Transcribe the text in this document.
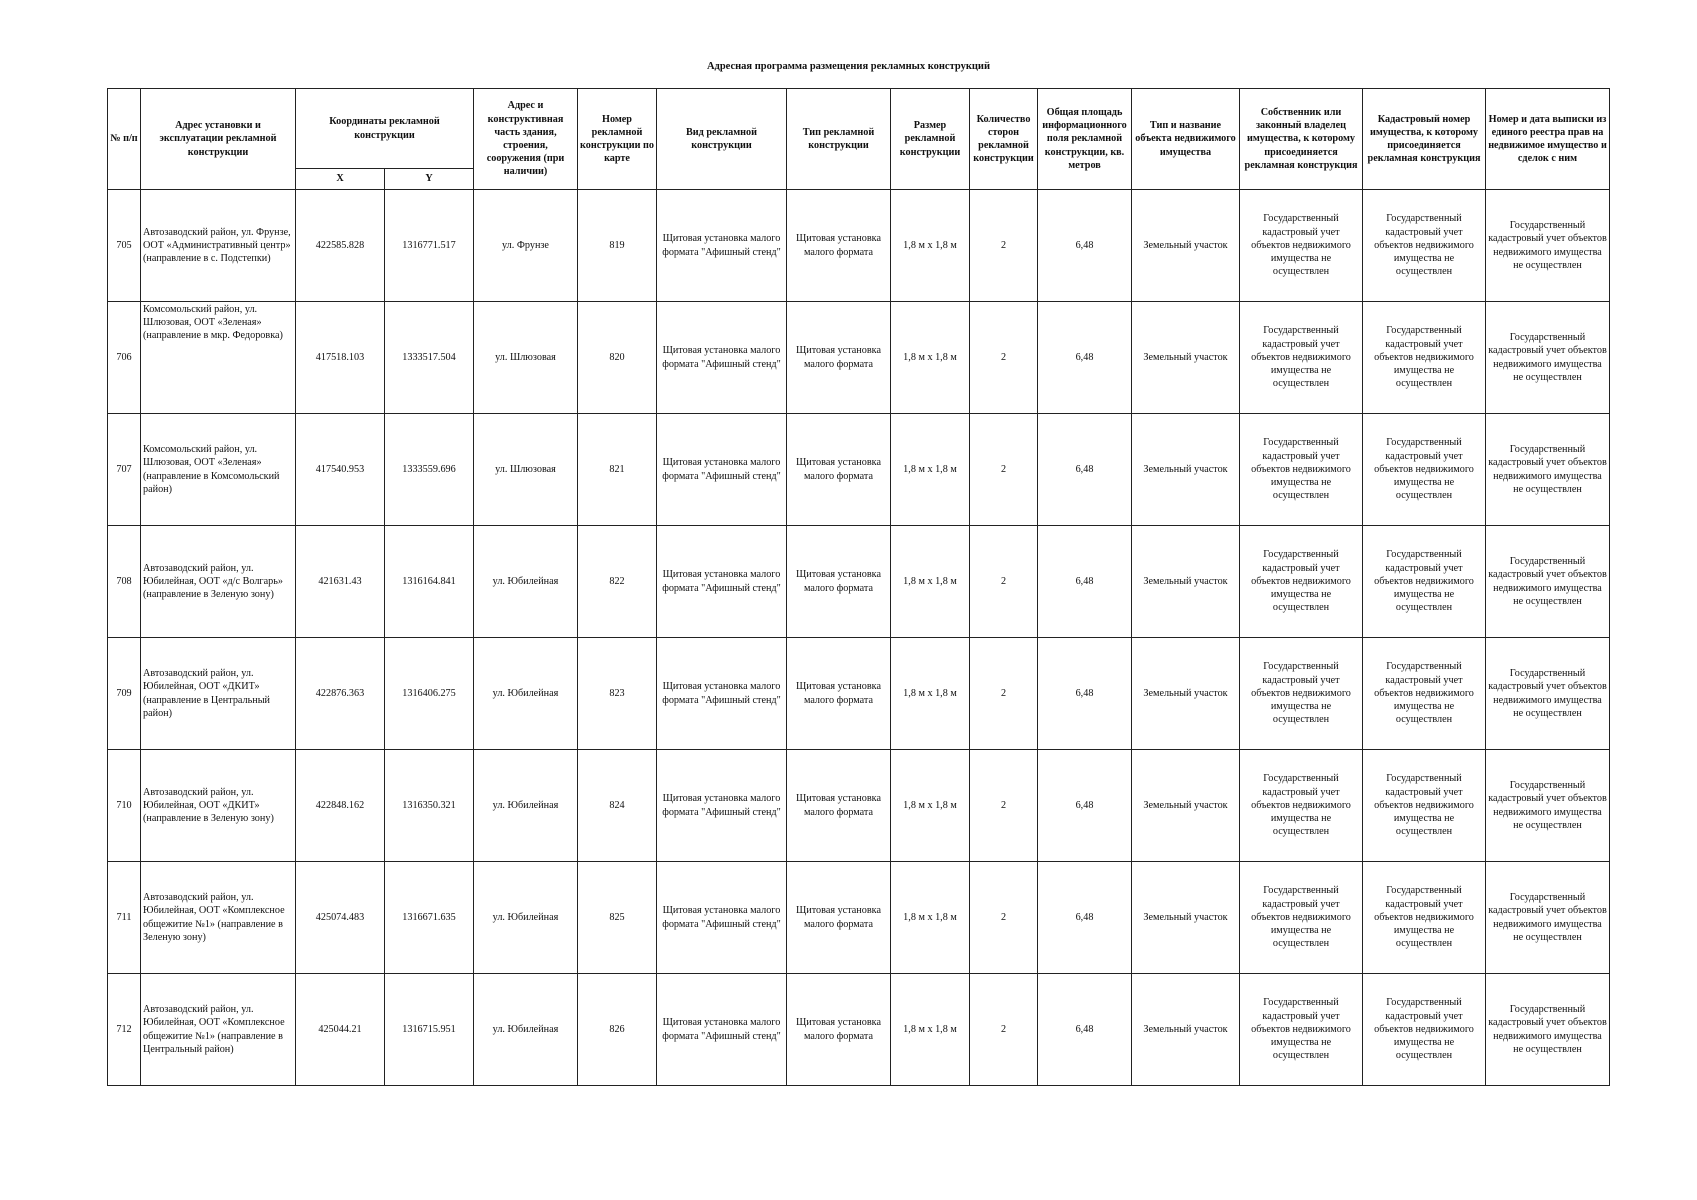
Адресная программа размещения рекламных конструкций
№ п/п	Адрес установки и эксплуатации рекламной конструкции	Координаты рекламной конструкции		Адрес и конструктивная часть здания, строения, сооружения (при наличии)	Номер рекламной конструкции по карте	Вид рекламной конструкции	Тип рекламной конструкции	Размер рекламной конструкции	Количество сторон рекламной конструкции	Общая площадь информационного поля рекламной конструкции, кв. метров	Тип и название объекта недвижимого имущества	Собственник или законный владелец имущества, к которому присоединяется рекламная конструкция	Кадастровый номер имущества, к которому присоединяется рекламная конструкция	Номер и дата выписки из единого реестра прав на недвижимое имущество и сделок с ним
		X	Y											
705	Автозаводский район, ул. Фрунзе, ООТ «Административный центр» (направление в с. Подстепки)	422585.828	1316771.517	ул. Фрунзе	819	Щитовая установка малого формата "Афишный стенд"	Щитовая установка малого формата	1,8 м х 1,8 м	2	6,48	Земельный участок	Государственный кадастровый учет объектов недвижимого имущества не осуществлен	Государственный кадастровый учет объектов недвижимого имущества не осуществлен	Государственный кадастровый учет объектов недвижимого имущества не осуществлен
706	Комсомольский район, ул. Шлюзовая, ООТ «Зеленая» (направление в мкр. Федоровка)	417518.103	1333517.504	ул. Шлюзовая	820	Щитовая установка малого формата "Афишный стенд"	Щитовая установка малого формата	1,8 м х 1,8 м	2	6,48	Земельный участок	Государственный кадастровый учет объектов недвижимого имущества не осуществлен	Государственный кадастровый учет объектов недвижимого имущества не осуществлен	Государственный кадастровый учет объектов недвижимого имущества не осуществлен
707	Комсомольский район, ул. Шлюзовая, ООТ «Зеленая» (направление в Комсомольский район)	417540.953	1333559.696	ул. Шлюзовая	821	Щитовая установка малого формата "Афишный стенд"	Щитовая установка малого формата	1,8 м х 1,8 м	2	6,48	Земельный участок	Государственный кадастровый учет объектов недвижимого имущества не осуществлен	Государственный кадастровый учет объектов недвижимого имущества не осуществлен	Государственный кадастровый учет объектов недвижимого имущества не осуществлен
708	Автозаводский район, ул. Юбилейная, ООТ «д/с Волгарь» (направление в Зеленую зону)	421631.43	1316164.841	ул. Юбилейная	822	Щитовая установка малого формата "Афишный стенд"	Щитовая установка малого формата	1,8 м х 1,8 м	2	6,48	Земельный участок	Государственный кадастровый учет объектов недвижимого имущества не осуществлен	Государственный кадастровый учет объектов недвижимого имущества не осуществлен	Государственный кадастровый учет объектов недвижимого имущества не осуществлен
709	Автозаводский район, ул. Юбилейная, ООТ «ДКИТ» (направление в Центральный район)	422876.363	1316406.275	ул. Юбилейная	823	Щитовая установка малого формата "Афишный стенд"	Щитовая установка малого формата	1,8 м х 1,8 м	2	6,48	Земельный участок	Государственный кадастровый учет объектов недвижимого имущества не осуществлен	Государственный кадастровый учет объектов недвижимого имущества не осуществлен	Государственный кадастровый учет объектов недвижимого имущества не осуществлен
710	Автозаводский район, ул. Юбилейная, ООТ «ДКИТ» (направление в Зеленую зону)	422848.162	1316350.321	ул. Юбилейная	824	Щитовая установка малого формата "Афишный стенд"	Щитовая установка малого формата	1,8 м х 1,8 м	2	6,48	Земельный участок	Государственный кадастровый учет объектов недвижимого имущества не осуществлен	Государственный кадастровый учет объектов недвижимого имущества не осуществлен	Государственный кадастровый учет объектов недвижимого имущества не осуществлен
711	Автозаводский район, ул. Юбилейная, ООТ «Комплексное общежитие №1» (направление в Зеленую зону)	425074.483	1316671.635	ул. Юбилейная	825	Щитовая установка малого формата "Афишный стенд"	Щитовая установка малого формата	1,8 м х 1,8 м	2	6,48	Земельный участок	Государственный кадастровый учет объектов недвижимого имущества не осуществлен	Государственный кадастровый учет объектов недвижимого имущества не осуществлен	Государственный кадастровый учет объектов недвижимого имущества не осуществлен
712	Автозаводский район, ул. Юбилейная, ООТ «Комплексное общежитие №1» (направление в Центральный район)	425044.21	1316715.951	ул. Юбилейная	826	Щитовая установка малого формата "Афишный стенд"	Щитовая установка малого формата	1,8 м х 1,8 м	2	6,48	Земельный участок	Государственный кадастровый учет объектов недвижимого имущества не осуществлен	Государственный кадастровый учет объектов недвижимого имущества не осуществлен	Государственный кадастровый учет объектов недвижимого имущества не осуществлен
